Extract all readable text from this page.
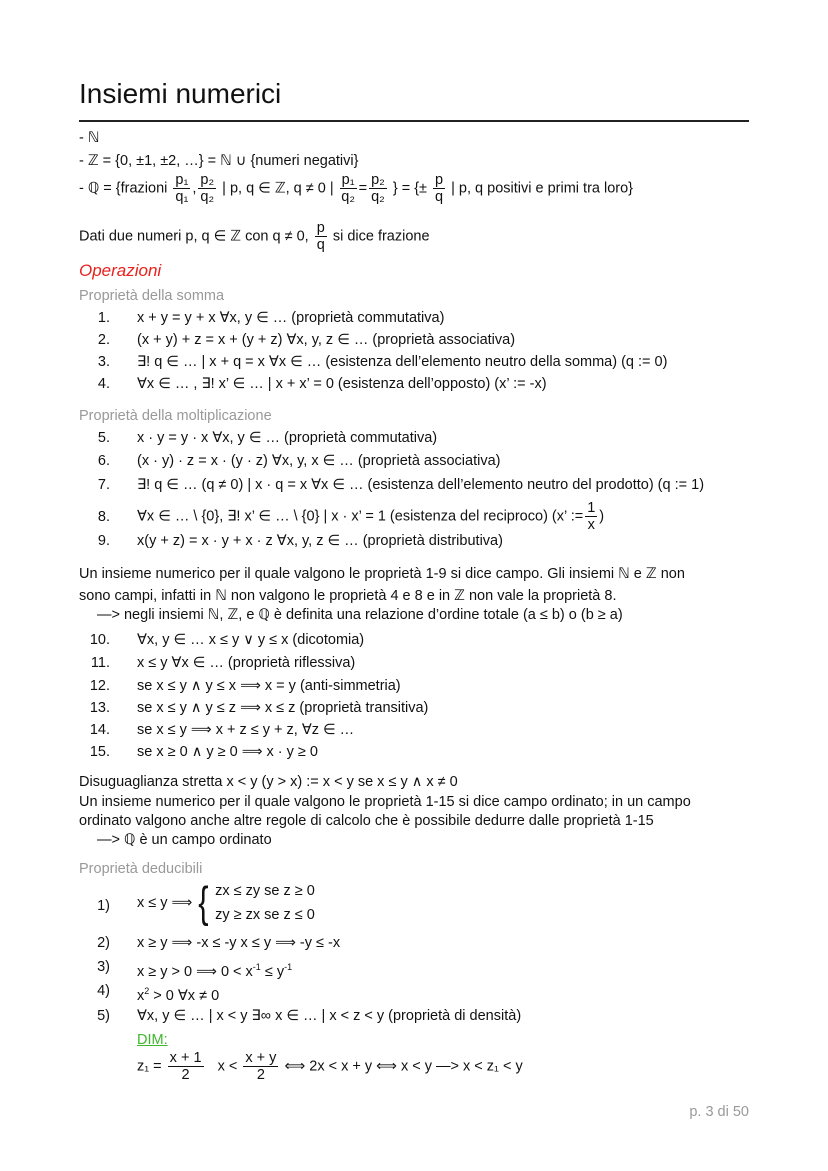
Insiemi numerici
- ℕ
- ℤ = {0, ±1, ±2, …} = ℕ ∪ {numeri negativi}
- ℚ = {frazioni $\frac{\text{p₁}}{\text{q₁}}$ , $\frac{\text{p₂}}{\text{q₂}}$ | p, q ∈ ℤ, q ≠ 0 | $\frac{\text{p₁}}{\text{q₂}} = \frac{\text{p₂}}{\text{q₂}}$ } = {± $\frac{p}{q}$ | p, q positivi e primi tra loro}
Dati due numeri p, q ∈ ℤ con q ≠ 0, $\frac{p}{q}$ si dice frazione
Operazioni
Proprietà della somma
Proprietà della moltiplicazione
Un insieme numerico per il quale valgono le proprietà 1-9 si dice campo. Gli insiemi ℕ e ℤ non
sono campi, infatti in ℕ non valgono le proprietà 4 e 8 e in ℤ non vale la proprietà 8.
—> negli insiemi ℕ, ℤ, e ℚ è definita una relazione d’ordine totale (a ≤ b) o (b ≥ a)
Disuguaglianza stretta x < y (y > x) := x < y se x ≤ y ∧ x ≠ 0
Un insieme numerico per il quale valgono le proprietà 1-15 si dice campo ordinato; in un campo
ordinato valgono anche altre regole di calcolo che è possibile dedurre dalle proprietà 1-15
—> ℚ è un campo ordinato
Proprietà deducibili
1) x ≤ y ⟹ { zx ≤ zy se z ≥ 0
zy ≥ zx se z ≤ 0
2) x ≥ y ⟹ -x ≤ -y x ≤ y ⟹ -y ≤ -x
3) x ≥ y > 0 ⟹ $0 < x^{-1} \le y^{-1}$
4) $x^2 > 0$ ∀x ≠ 0
5) ∀x, y ∈ … | x < y ∃∞ x ∈ … | x < z < y (proprietà di densità)
DIM:
$z_1 = \frac{x + 1}{2}$ $x < \frac{x + y}{2}$ ⟺ 2x < x + y ⟺ x < y —> x < z₁ < y
p. 3 di 50
1. x + y = y + x ∀x, y ∈ … (proprietà commutativa)
2. (x + y) + z = x + (y + z) ∀x, y, z ∈ … (proprietà associativa)
3. ∃! q ∈ … | x + q = x ∀x ∈ … (esistenza dell’elemento neutro della somma) (q := 0)
4. ∀x ∈ … , ∃! x’ ∈ … | x + x’ = 0 (esistenza dell’opposto) (x’ := -x)
5. x · y = y · x ∀x, y ∈ … (proprietà commutativa)
6. (x · y) · z = x · (y · z) ∀x, y, x ∈ … (proprietà associativa)
7. ∃! q ∈ … (q ≠ 0) | x · q = x ∀x ∈ … (esistenza dell’elemento neutro del prodotto) (q := 1)
8. ∀x ∈ … \ {0}, ∃! x’ ∈ … \ {0} | x · x’ = 1 (esistenza del reciproco) (x’ := $\frac{1}{x}$ )
9. x(y + z) = x · y + x · z ∀x, y, z ∈ … (proprietà distributiva)
10. ∀x, y ∈ … x ≤ y ∨ y ≤ x (dicotomia)
11. x ≤ y ∀x ∈ … (proprietà riflessiva)
12. se x ≤ y ∧ y ≤ x ⟹ x = y (anti-simmetria)
13. se x ≤ y ∧ y ≤ z ⟹ x ≤ z (proprietà transitiva)
14. se x ≤ y ⟹ x + z ≤ y + z, ∀z ∈ …
15. se x ≥ 0 ∧ y ≥ 0 ⟹ x · y ≥ 0
